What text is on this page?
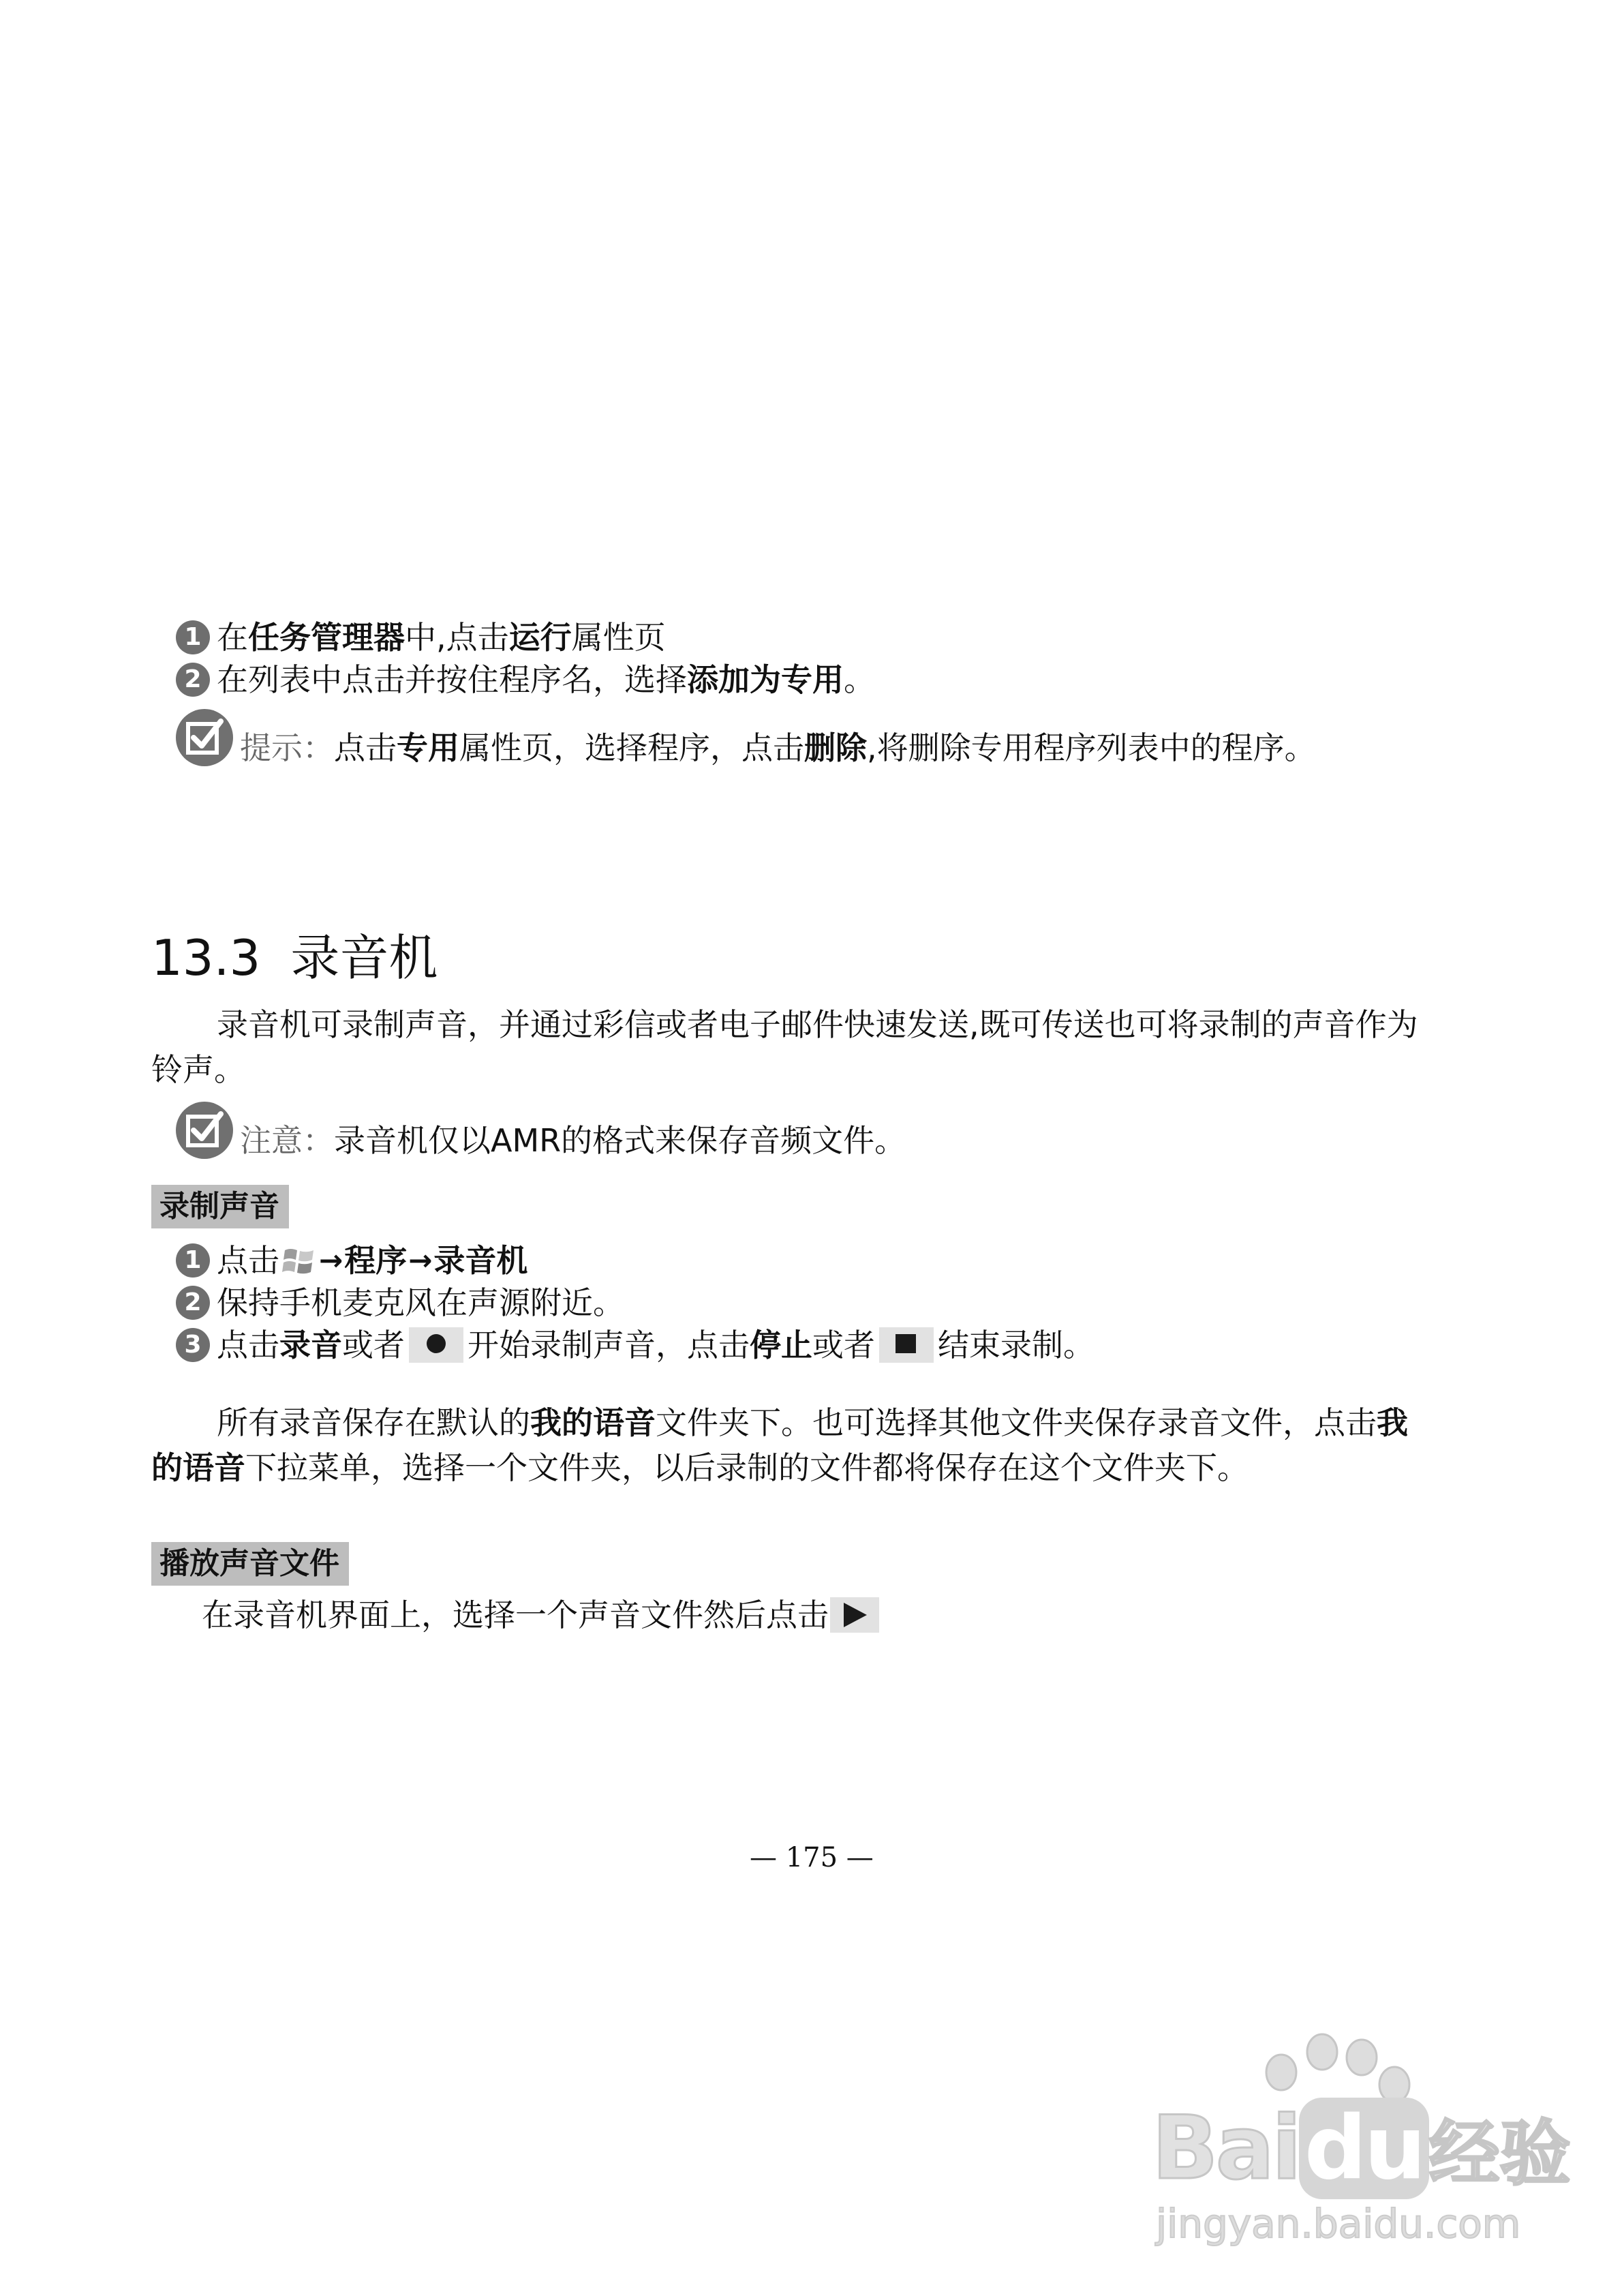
1 在 任务管理器 中,点击 运行 属性页
2 在列表中点击并按住程序名，选择 添加为专用 。
提示：点击专用属性页，选择程序，点击删除,将删除专用程序列表中的程序。
13.3 录音机
录音机可录制声音，并通过彩信或者电子邮件快速发送,既可传送也可将录制的声音作为
铃声。
注意：录音机仅以AMR的格式来保存音频文件。
录制声音
1 点击 → 程序 → 录音机
2 保持手机麦克风在声源附近。
3 点击 录音 或者 开始录制声音，点击 停止 或者 结束录制。
所有录音保存在默认的我的语音文件夹下。也可选择其他文件夹保存录音文件，点击我
的语音下拉菜单，选择一个文件夹，以后录制的文件都将保存在这个文件夹下。
播放声音文件
在录音机界面上，选择一个声音文件然后点击
— 175 —
Baidu经验
jingyan.baidu.com
